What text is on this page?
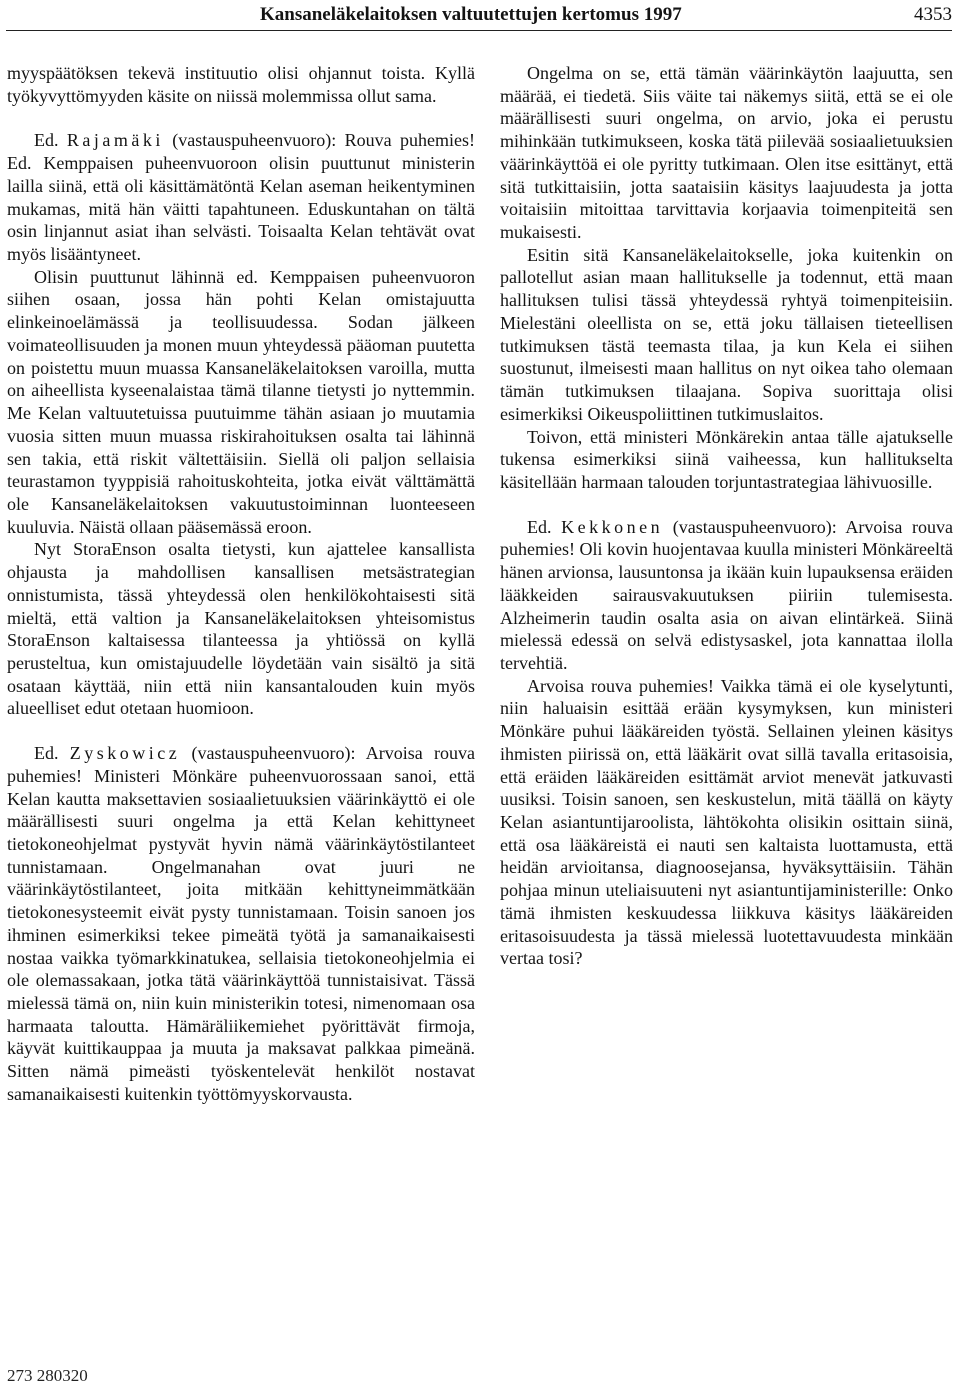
Kansaneläkelaitoksen valtuutettujen kertomus 1997	4353

myyspäätöksen tekevä instituutio olisi ohjannut toista. Kyllä työkyvyttömyyden käsite on niissä molemmissa ollut sama.

Ed. Rajamäki (vastauspuheenvuoro): Rouva puhemies! Ed. Kemppaisen puheenvuoroon olisin puuttunut ministerin lailla siinä, että oli käsittämätöntä Kelan aseman heikentyminen mukamas, mitä hän väitti tapahtuneen. Eduskuntahan on tältä osin linjannut asiat ihan selvästi. Toisaalta Kelan tehtävät ovat myös lisääntyneet.

Olisin puuttunut lähinnä ed. Kemppaisen puheenvuoron siihen osaan, jossa hän pohti Kelan omistajuutta elinkeinoelämässä ja teollisuudessa. Sodan jälkeen voimateollisuuden ja monen muun yhteydessä pääoman puutetta on poistettu muun muassa Kansaneläkelaitoksen varoilla, mutta on aiheellista kyseenalaistaa tämä tilanne tietysti jo nyttemmin. Me Kelan valtuutetuissa puutuimme tähän asiaan jo muutamia vuosia sitten muun muassa riskirahoituksen osalta tai lähinnä sen takia, että riskit vältettäisiin. Siellä oli paljon sellaisia teurastamon tyyppisiä rahoituskohteita, jotka eivät välttämättä ole Kansaneläkelaitoksen vakuutustoiminnan luonteeseen kuuluvia. Näistä ollaan pääsemässä eroon.

Nyt StoraEnson osalta tietysti, kun ajattelee kansallista ohjausta ja mahdollisen kansallisen metsästrategian onnistumista, tässä yhteydessä olen henkilökohtaisesti sitä mieltä, että valtion ja Kansaneläkelaitoksen yhteisomistus StoraEnson kaltaisessa tilanteessa ja yhtiössä on kyllä perusteltua, kun omistajuudelle löydetään vain sisältö ja sitä osataan käyttää, niin että niin kansantalouden kuin myös alueelliset edut otetaan huomioon.

Ed. Zyskowicz (vastauspuheenvuoro): Arvoisa rouva puhemies! Ministeri Mönkäre puheenvuorossaan sanoi, että Kelan kautta maksettavien sosiaalietuuksien väärinkäyttö ei ole määrällisesti suuri ongelma ja että Kelan kehittyneet tietokoneohjelmat pystyvät hyvin nämä väärinkäytöstilanteet tunnistamaan. Ongelmanahan ovat juuri ne väärinkäytöstilanteet, joita mitkään kehittyneimmätkään tietokonesysteemit eivät pysty tunnistamaan. Toisin sanoen jos ihminen esimerkiksi tekee pimeätä työtä ja samanaikaisesti nostaa vaikka työmarkkinatukea, sellaisia tietokoneohjelmia ei ole olemassakaan, jotka tätä väärinkäyttöä tunnistaisivat. Tässä mielessä tämä on, niin kuin ministerikin totesi, nimenomaan osa harmaata taloutta. Hämäräliikemiehet pyörittävät firmoja, käyvät kuittikauppaa ja muuta ja maksavat palkkaa pimeänä. Sitten nämä pimeästi työskentelevät henkilöt nostavat samanaikaisesti kuitenkin työttömyyskorvausta.

Ongelma on se, että tämän väärinkäytön laajuutta, sen määrää, ei tiedetä. Siis väite tai näkemys siitä, että se ei ole määrällisesti suuri ongelma, on arvio, joka ei perustu mihinkään tutkimukseen, koska tätä piilevää sosiaalietuuksien väärinkäyttöä ei ole pyritty tutkimaan. Olen itse esittänyt, että sitä tutkittaisiin, jotta saataisiin käsitys laajuudesta ja jotta voitaisiin mitoittaa tarvittavia korjaavia toimenpiteitä sen mukaisesti.

Esitin sitä Kansaneläkelaitokselle, joka kuitenkin on pallotellut asian maan hallitukselle ja todennut, että maan hallituksen tulisi tässä yhteydessä ryhtyä toimenpiteisiin. Mielestäni oleellista on se, että joku tällaisen tieteellisen tutkimuksen tästä teemasta tilaa, ja kun Kela ei siihen suostunut, ilmeisesti maan hallitus on nyt oikea taho olemaan tämän tutkimuksen tilaajana. Sopiva suorittaja olisi esimerkiksi Oikeuspoliittinen tutkimuslaitos.

Toivon, että ministeri Mönkärekin antaa tälle ajatukselle tukensa esimerkiksi siinä vaiheessa, kun hallitukselta käsitellään harmaan talouden torjuntastrategiaa lähivuosille.

Ed. Kekkonen (vastauspuheenvuoro): Arvoisa rouva puhemies! Oli kovin huojentavaa kuulla ministeri Mönkäreeltä hänen arvionsa, lausuntonsa ja ikään kuin lupauksensa eräiden lääkkeiden sairausvakuutuksen piiriin tulemisesta. Alzheimerin taudin osalta asia on aivan elintärkeä. Siinä mielessä edessä on selvä edistysaskel, jota kannattaa ilolla tervehtiä.

Arvoisa rouva puhemies! Vaikka tämä ei ole kyselytunti, niin haluaisin esittää erään kysymyksen, kun ministeri Mönkäre puhui lääkäreiden työstä. Sellainen yleinen käsitys ihmisten piirissä on, että lääkärit ovat sillä tavalla eritasoisia, että eräiden lääkäreiden esittämät arviot menevät jatkuvasti uusiksi. Toisin sanoen, sen keskustelun, mitä täällä on käyty Kelan asiantuntijaroolista, lähtökohta olisikin osittain siinä, että osa lääkäreistä ei nauti sen kaltaista luottamusta, että heidän arvioitansa, diagnoosejansa, hyväksyttäisiin. Tähän pohjaa minun uteliaisuuteni nyt asiantuntijaministerille: Onko tämä ihmisten keskuudessa liikkuva käsitys lääkäreiden eritasoisuudesta ja tässä mielessä luotettavuudesta minkään vertaa tosi?

273 280320
